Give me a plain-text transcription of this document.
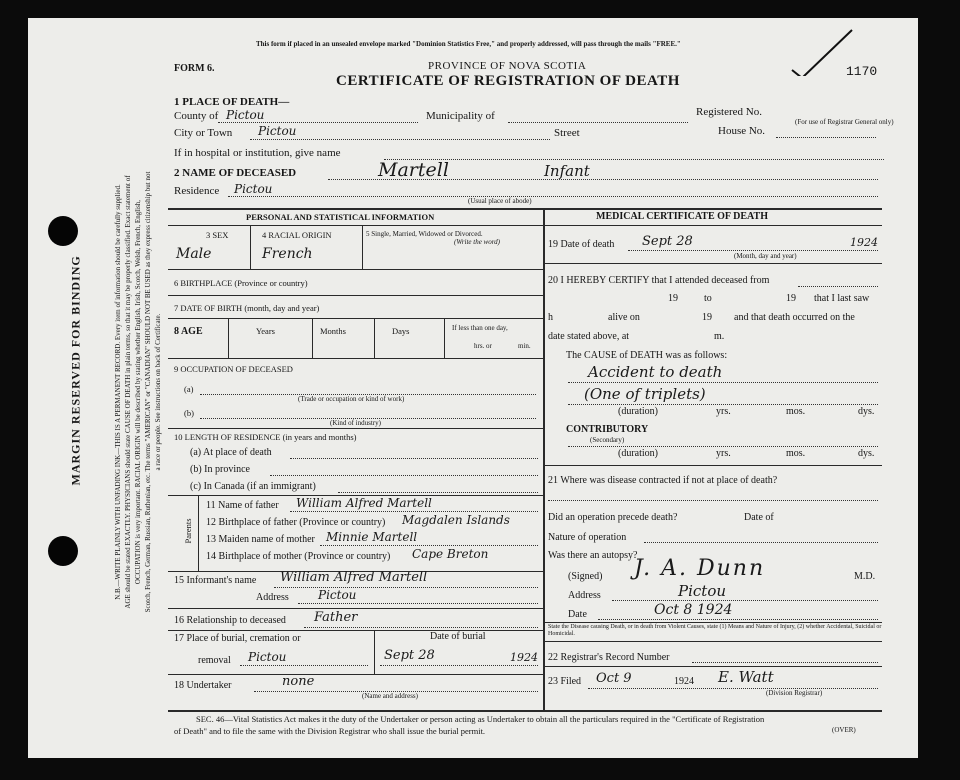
MARGIN RESERVED FOR BINDING	N.B.—WRITE PLAINLY WITH UNFADING INK—THIS IS A PERMANENT RECORD. Every item of information should be carefully supplied. AGE should be stated EXACTLY. PHYSICIANS should state CAUSE OF DEATH in plain terms, so that it may be properly classified. Exact statement of OCCUPATION is very important. RACIAL ORIGIN will be described by stating whether English, Irish, Scotch, Welsh, French, English, Scotch, French, German, Russian, Ruthenian, etc. The terms "AMERICAN" or "CANADIAN" SHOULD NOT BE USED as they express citizenship but not a race or people. See instructions on back of Certificate.
This form if placed in an unsealed envelope marked "Dominion Statistics Free," and properly addressed, will pass through the mails "FREE."
FORM 6.	PROVINCE OF NOVA SCOTIA
CERTIFICATE OF REGISTRATION OF DEATH
1170
1 PLACE OF DEATH—
County of Pictou	Municipality of	Registered No.
(For use of Registrar General only)
City or Town Pictou	Street	House No.
If in hospital or institution, give name
2 NAME OF DECEASED	Martell	Infant
Residence Pictou
(Usual place of abode)
PERSONAL AND STATISTICAL INFORMATION
3 SEX
Male
4 RACIAL ORIGIN
French
5 Single, Married, Widowed or Divorced.
(Write the word)
6 BIRTHPLACE (Province or country)
7 DATE OF BIRTH (month, day and year)
8 AGE	Years	Months	Days	If less than one day,
hrs. or	min.
9 OCCUPATION OF DECEASED
(a)
(Trade or occupation or kind of work)
(b)
(Kind of industry)
10 LENGTH OF RESIDENCE (in years and months)
(a) At place of death
(b) In province
(c) In Canada (if an immigrant)
Parents
11 Name of father William Alfred Martell
12 Birthplace of father (Province or country) Magdalen Islands
13 Maiden name of mother Minnie Martell
14 Birthplace of mother (Province or country) Cape Breton
15 Informant's name William Alfred Martell
Address Pictou
16 Relationship to deceased Father
17 Place of burial, cremation or	Date of burial
removal Pictou	Sept 28	1924
18 Undertaker	none
(Name and address)
MEDICAL CERTIFICATE OF DEATH
19 Date of death Sept 28	1924
(Month, day and year)
20 I HEREBY CERTIFY that I attended deceased from
19	to	19 that I last saw
h	alive on	19 and that death occurred on the
date stated above, at	m.
The CAUSE of DEATH was as follows:
Accident to death
(One of triplets)
(duration)	yrs.	mos.	dys.
CONTRIBUTORY
(Secondary)
(duration)	yrs.	mos.	dys.
21 Where was disease contracted if not at place of death?
Did an operation precede death?	Date of
Nature of operation
Was there an autopsy?
(Signed) J. A. Dunn	M.D.
Address	Pictou
Date	Oct 8 1924
State the Disease causing Death, or in death from Violent Causes, state (1) Means and Nature of Injury, (2) whether Accidental, Suicidal or Homicidal.
22 Registrar's Record Number
23 Filed Oct 9	1924 E. Watt
(Division Registrar)
SEC. 46—Vital Statistics Act makes it the duty of the Undertaker or person acting as Undertaker to obtain all the particulars required in the "Certificate of Registration
of Death" and to file the same with the Division Registrar who shall issue the burial permit.	(OVER)
